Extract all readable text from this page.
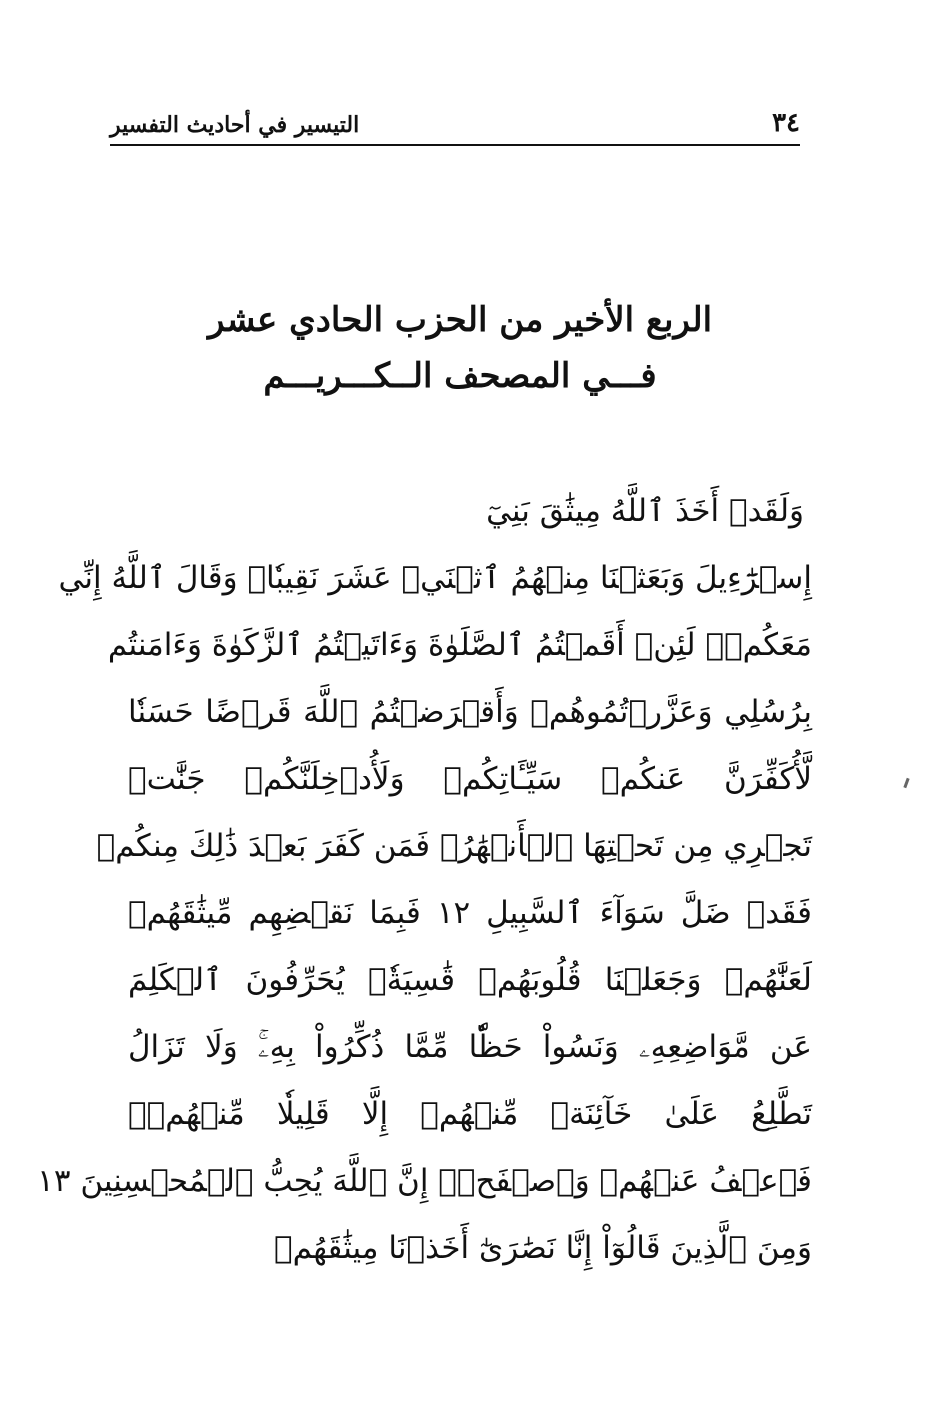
٣٤
التيسير في أحاديث التفسير
الربع الأخير من الحزب الحادي عشر
فـــي المصحف الــكـــريـــم
وَلَقَدۡ أَخَذَ ٱللَّهُ مِيثَٰقَ بَنِيٓ
إِسۡرَٰٓءِيلَ وَبَعَثۡنَا مِنۡهُمُ ٱثۡنَيۡ عَشَرَ نَقِيبٗاۖ وَقَالَ ٱللَّهُ إِنِّي
مَعَكُمۡۖ لَئِنۡ أَقَمۡتُمُ ٱلصَّلَوٰةَ وَءَاتَيۡتُمُ ٱلزَّكَوٰةَ وَءَامَنتُم
بِرُسُلِي وَعَزَّرۡتُمُوهُمۡ وَأَقۡرَضۡتُمُ ٱللَّهَ قَرۡضًا حَسَنٗا
لَّأُكَفِّرَنَّ عَنكُمۡ سَيِّـَٔاتِكُمۡ وَلَأُدۡخِلَنَّكُمۡ جَنَّٰتٖ
تَجۡرِي مِن تَحۡتِهَا ٱلۡأَنۡهَٰرُۚ فَمَن كَفَرَ بَعۡدَ ذَٰلِكَ مِنكُمۡ
فَقَدۡ ضَلَّ سَوَآءَ ٱلسَّبِيلِ ١٢ فَبِمَا نَقۡضِهِم مِّيثَٰقَهُمۡ
لَعَنَّٰهُمۡ وَجَعَلۡنَا قُلُوبَهُمۡ قَٰسِيَةٗۖ يُحَرِّفُونَ ٱلۡكَلِمَ
عَن مَّوَاضِعِهِۦ وَنَسُواْ حَظّٗا مِّمَّا ذُكِّرُواْ بِهِۦۚ وَلَا تَزَالُ
تَطَّلِعُ عَلَىٰ خَآئِنَةٖ مِّنۡهُمۡ إِلَّا قَلِيلٗا مِّنۡهُمۡۖ
فَٱعۡفُ عَنۡهُمۡ وَٱصۡفَحۡۚ إِنَّ ٱللَّهَ يُحِبُّ ٱلۡمُحۡسِنِينَ ١٣
وَمِنَ ٱلَّذِينَ قَالُوٓاْ إِنَّا نَصَٰرَىٰٓ أَخَذۡنَا مِيثَٰقَهُمۡ
